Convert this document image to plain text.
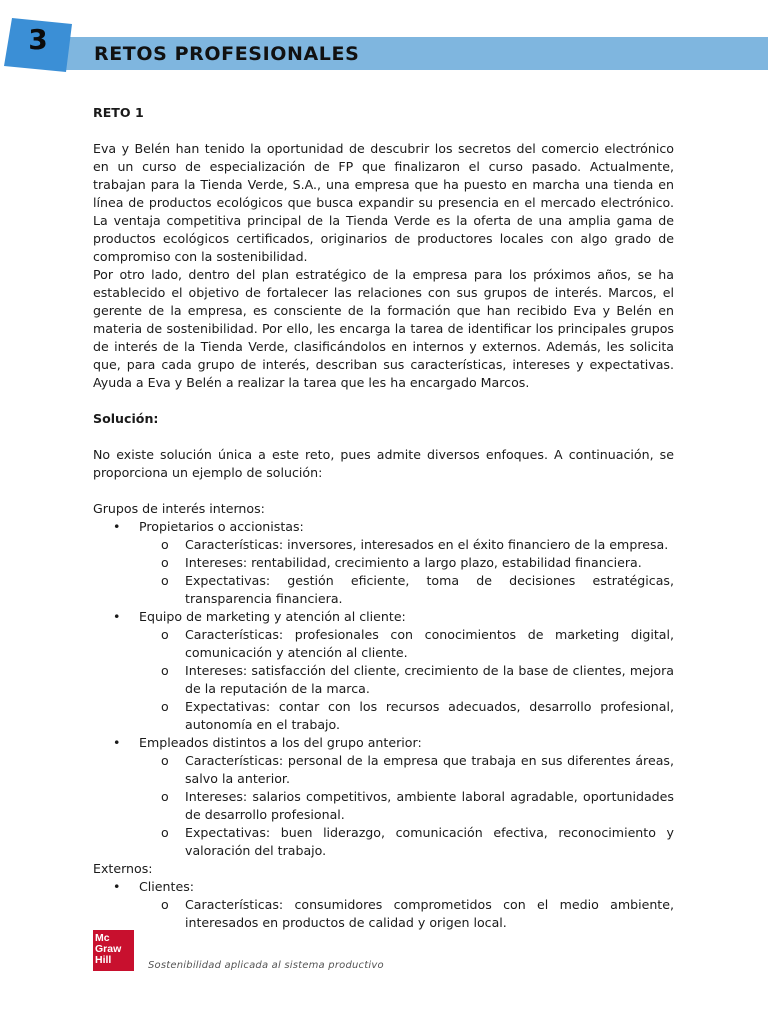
3	RETOS PROFESIONALES

RETO 1

Eva y Belén han tenido la oportunidad de descubrir los secretos del comercio electrónico en un curso de especialización de FP que finalizaron el curso pasado. Actualmente, trabajan para la Tienda Verde, S.A., una empresa que ha puesto en marcha una tienda en línea de productos ecológicos que busca expandir su presencia en el mercado electrónico. La ventaja competitiva principal de la Tienda Verde es la oferta de una amplia gama de productos ecológicos certificados, originarios de productores locales con algo grado de compromiso con la sostenibilidad.

Por otro lado, dentro del plan estratégico de la empresa para los próximos años, se ha establecido el objetivo de fortalecer las relaciones con sus grupos de interés. Marcos, el gerente de la empresa, es consciente de la formación que han recibido Eva y Belén en materia de sostenibilidad. Por ello, les encarga la tarea de identificar los principales grupos de interés de la Tienda Verde, clasificándolos en internos y externos. Además, les solicita que, para cada grupo de interés, describan sus características, intereses y expectativas. Ayuda a Eva y Belén a realizar la tarea que les ha encargado Marcos.

Solución:

No existe solución única a este reto, pues admite diversos enfoques. A continuación, se proporciona un ejemplo de solución:

Grupos de interés internos:

• Propietarios o accionistas:
o Características: inversores, interesados en el éxito financiero de la empresa.
o Intereses: rentabilidad, crecimiento a largo plazo, estabilidad financiera.
o Expectativas: gestión eficiente, toma de decisiones estratégicas, transparencia financiera.
• Equipo de marketing y atención al cliente:
o Características: profesionales con conocimientos de marketing digital, comunicación y atención al cliente.
o Intereses: satisfacción del cliente, crecimiento de la base de clientes, mejora de la reputación de la marca.
o Expectativas: contar con los recursos adecuados, desarrollo profesional, autonomía en el trabajo.
• Empleados distintos a los del grupo anterior:
o Características: personal de la empresa que trabaja en sus diferentes áreas, salvo la anterior.
o Intereses: salarios competitivos, ambiente laboral agradable, oportunidades de desarrollo profesional.
o Expectativas: buen liderazgo, comunicación efectiva, reconocimiento y valoración del trabajo.

Externos:

• Clientes:
o Características: consumidores comprometidos con el medio ambiente, interesados en productos de calidad y origen local.
Mc
Graw
Hill	Sostenibilidad aplicada al sistema productivo
